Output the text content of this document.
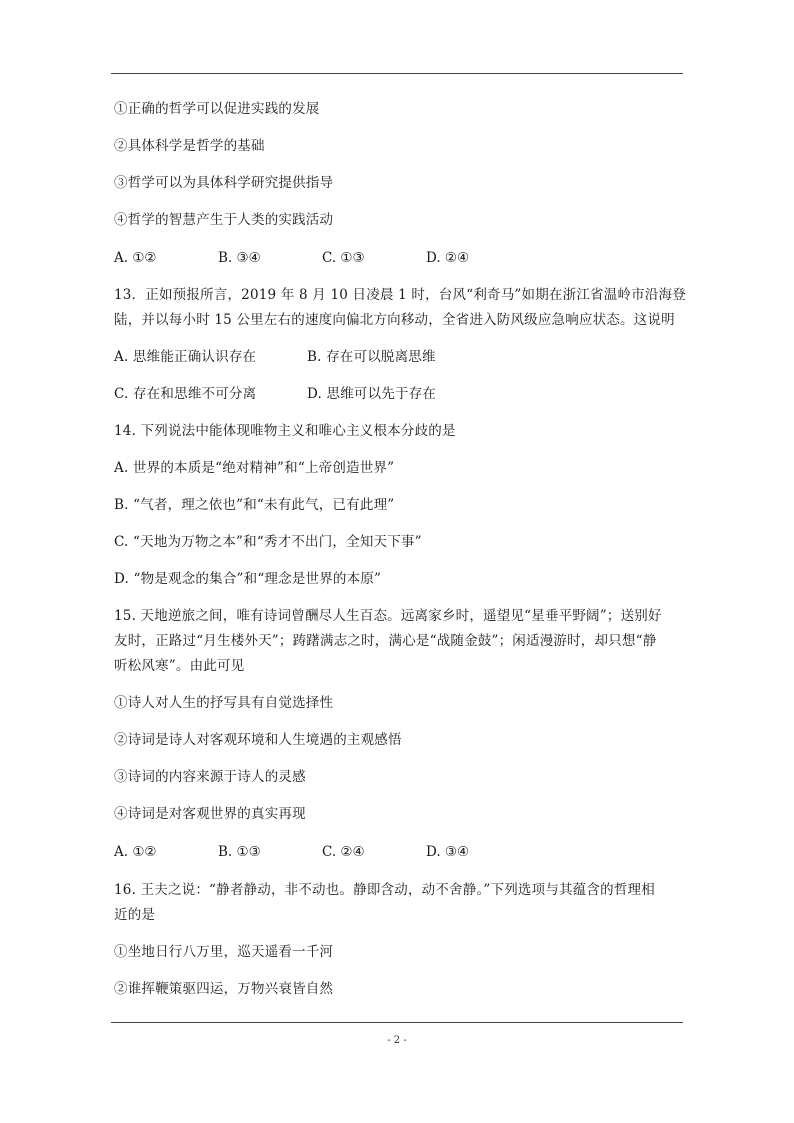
①正确的哲学可以促进实践的发展
②具体科学是哲学的基础
③哲学可以为具体科学研究提供指导
④哲学的智慧产生于人类的实践活动
A. ①②	B. ③④	C. ①③	D. ②④
13．正如预报所言，2019 年 8 月 10 日凌晨 1 时，台风“利奇马”如期在浙江省温岭市沿海登
陆，并以每小时 15 公里左右的速度向偏北方向移动，全省进入防风级应急响应状态。这说明
A. 思维能正确认识存在	B. 存在可以脱离思维
C. 存在和思维不可分离	D. 思维可以先于存在
14. 下列说法中能体现唯物主义和唯心主义根本分歧的是
A. 世界的本质是“绝对精神”和“上帝创造世界”
B. “气者，理之依也”和“未有此气，已有此理”
C. “天地为万物之本”和“秀才不出门，全知天下事”
D. “物是观念的集合”和“理念是世界的本原”
15. 天地逆旅之间，唯有诗词曾酬尽人生百态。远离家乡时，遥望见“星垂平野阔”；送别好
友时，正路过“月生楼外天”；踌躇满志之时，满心是“战随金鼓”；闲适漫游时，却只想“静
听松风寒”。由此可见
①诗人对人生的抒写具有自觉选择性
②诗词是诗人对客观环境和人生境遇的主观感悟
③诗词的内容来源于诗人的灵感
④诗词是对客观世界的真实再现
A. ①②	B. ①③	C. ②④	D. ③④
16. 王夫之说：“静者静动，非不动也。静即含动，动不舍静。”下列选项与其蕴含的哲理相
近的是
①坐地日行八万里，巡天遥看一千河
②谁挥鞭策驱四运，万物兴衰皆自然
- 2 -
